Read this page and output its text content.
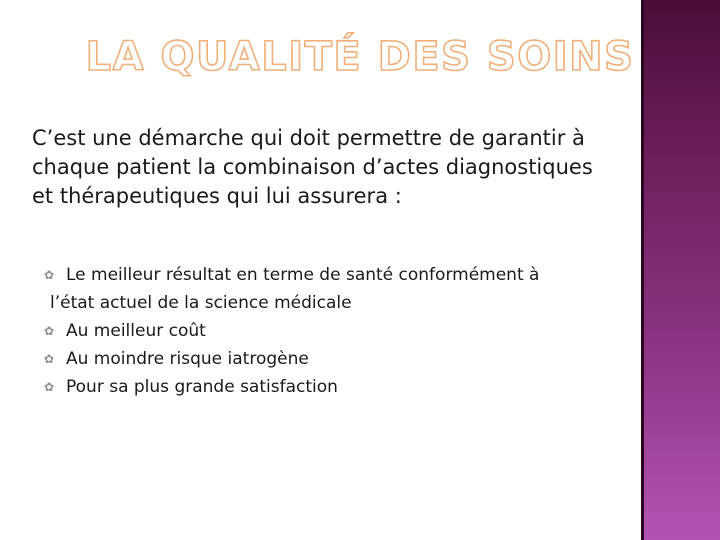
LA QUALITÉ DES SOINS

C’est une démarche qui doit permettre de garantir à
chaque patient la combinaison d’actes diagnostiques
et thérapeutiques qui lui assurera :

✿ Le meilleur résultat en terme de santé conformément à
l’état actuel de la science médicale
✿ Au meilleur coût
✿ Au moindre risque iatrogène
✿ Pour sa plus grande satisfaction
